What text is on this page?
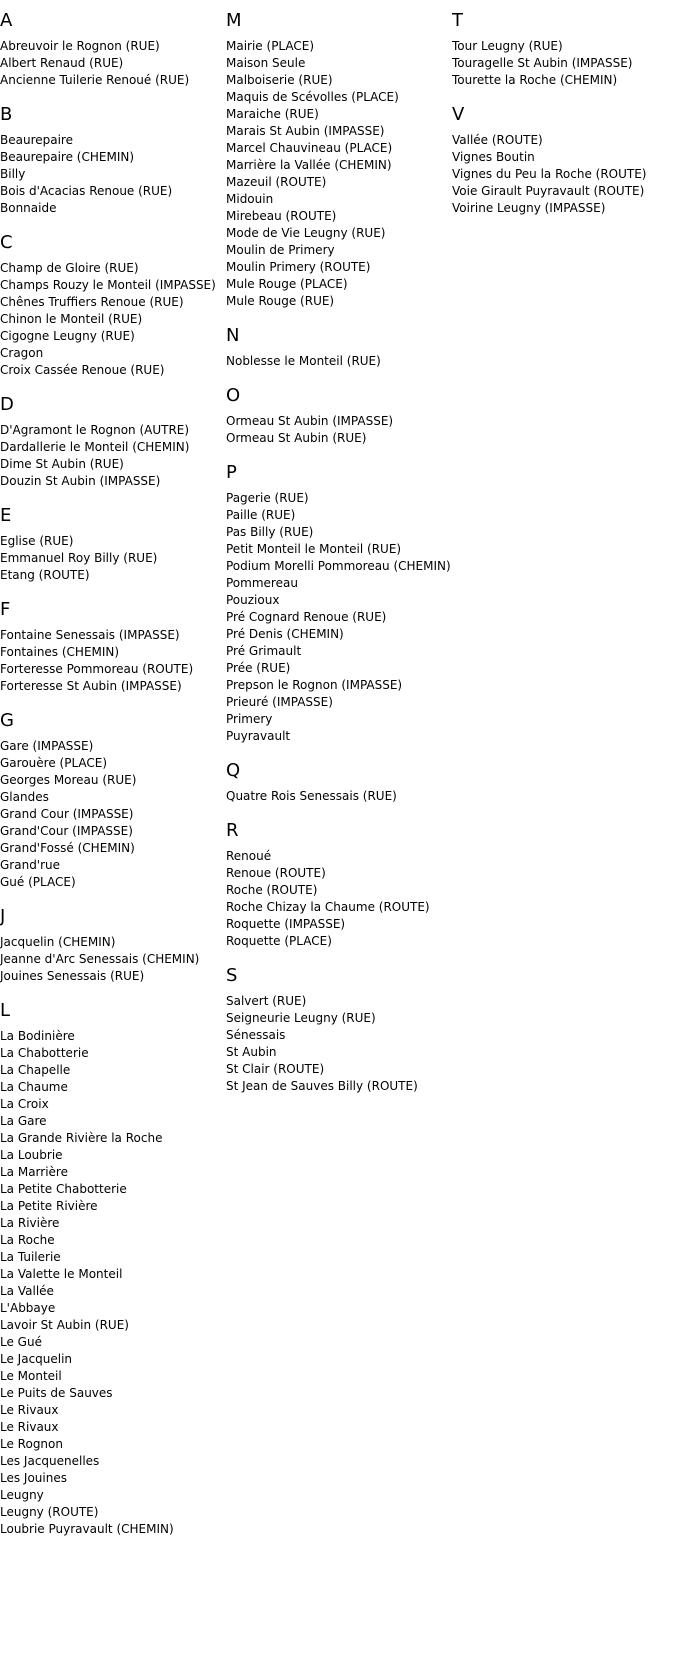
A
Abreuvoir le Rognon (RUE)
Albert Renaud (RUE)
Ancienne Tuilerie Renoué (RUE)
B
Beaurepaire
Beaurepaire (CHEMIN)
Billy
Bois d'Acacias Renoue (RUE)
Bonnaide
C
Champ de Gloire (RUE)
Champs Rouzy le Monteil (IMPASSE)
Chênes Truffiers Renoue (RUE)
Chinon le Monteil (RUE)
Cigogne Leugny (RUE)
Cragon
Croix Cassée Renoue (RUE)
D
D'Agramont le Rognon (AUTRE)
Dardallerie le Monteil (CHEMIN)
Dime St Aubin (RUE)
Douzin St Aubin (IMPASSE)
E
Eglise (RUE)
Emmanuel Roy Billy (RUE)
Etang (ROUTE)
F
Fontaine Senessais (IMPASSE)
Fontaines (CHEMIN)
Forteresse Pommoreau (ROUTE)
Forteresse St Aubin (IMPASSE)
G
Gare (IMPASSE)
Garouère (PLACE)
Georges Moreau (RUE)
Glandes
Grand Cour (IMPASSE)
Grand'Cour (IMPASSE)
Grand'Fossé (CHEMIN)
Grand'rue
Gué (PLACE)
J
Jacquelin (CHEMIN)
Jeanne d'Arc Senessais (CHEMIN)
Jouines Senessais (RUE)
L
La Bodinière
La Chabotterie
La Chapelle
La Chaume
La Croix
La Gare
La Grande Rivière la Roche
La Loubrie
La Marrière
La Petite Chabotterie
La Petite Rivière
La Rivière
La Roche
La Tuilerie
La Valette le Monteil
La Vallée
L'Abbaye
Lavoir St Aubin (RUE)
Le Gué
Le Jacquelin
Le Monteil
Le Puits de Sauves
Le Rivaux
Le Rivaux
Le Rognon
Les Jacquenelles
Les Jouines
Leugny
Leugny (ROUTE)
Loubrie Puyravault (CHEMIN)
M
Mairie (PLACE)
Maison Seule
Malboiserie (RUE)
Maquis de Scévolles (PLACE)
Maraiche (RUE)
Marais St Aubin (IMPASSE)
Marcel Chauvineau (PLACE)
Marrière la Vallée (CHEMIN)
Mazeuil (ROUTE)
Midouin
Mirebeau (ROUTE)
Mode de Vie Leugny (RUE)
Moulin de Primery
Moulin Primery (ROUTE)
Mule Rouge (PLACE)
Mule Rouge (RUE)
N
Noblesse le Monteil (RUE)
O
Ormeau St Aubin (IMPASSE)
Ormeau St Aubin (RUE)
P
Pagerie (RUE)
Paille (RUE)
Pas Billy (RUE)
Petit Monteil le Monteil (RUE)
Podium Morelli Pommoreau (CHEMIN)
Pommereau
Pouzioux
Pré Cognard Renoue (RUE)
Pré Denis (CHEMIN)
Pré Grimault
Prée (RUE)
Prepson le Rognon (IMPASSE)
Prieuré (IMPASSE)
Primery
Puyravault
Q
Quatre Rois Senessais (RUE)
R
Renoué
Renoue (ROUTE)
Roche (ROUTE)
Roche Chizay la Chaume (ROUTE)
Roquette (IMPASSE)
Roquette (PLACE)
S
Salvert (RUE)
Seigneurie Leugny (RUE)
Sénessais
St Aubin
St Clair (ROUTE)
St Jean de Sauves Billy (ROUTE)
T
Tour Leugny (RUE)
Touragelle St Aubin (IMPASSE)
Tourette la Roche (CHEMIN)
V
Vallée (ROUTE)
Vignes Boutin
Vignes du Peu la Roche (ROUTE)
Voie Girault Puyravault (ROUTE)
Voirine Leugny (IMPASSE)
